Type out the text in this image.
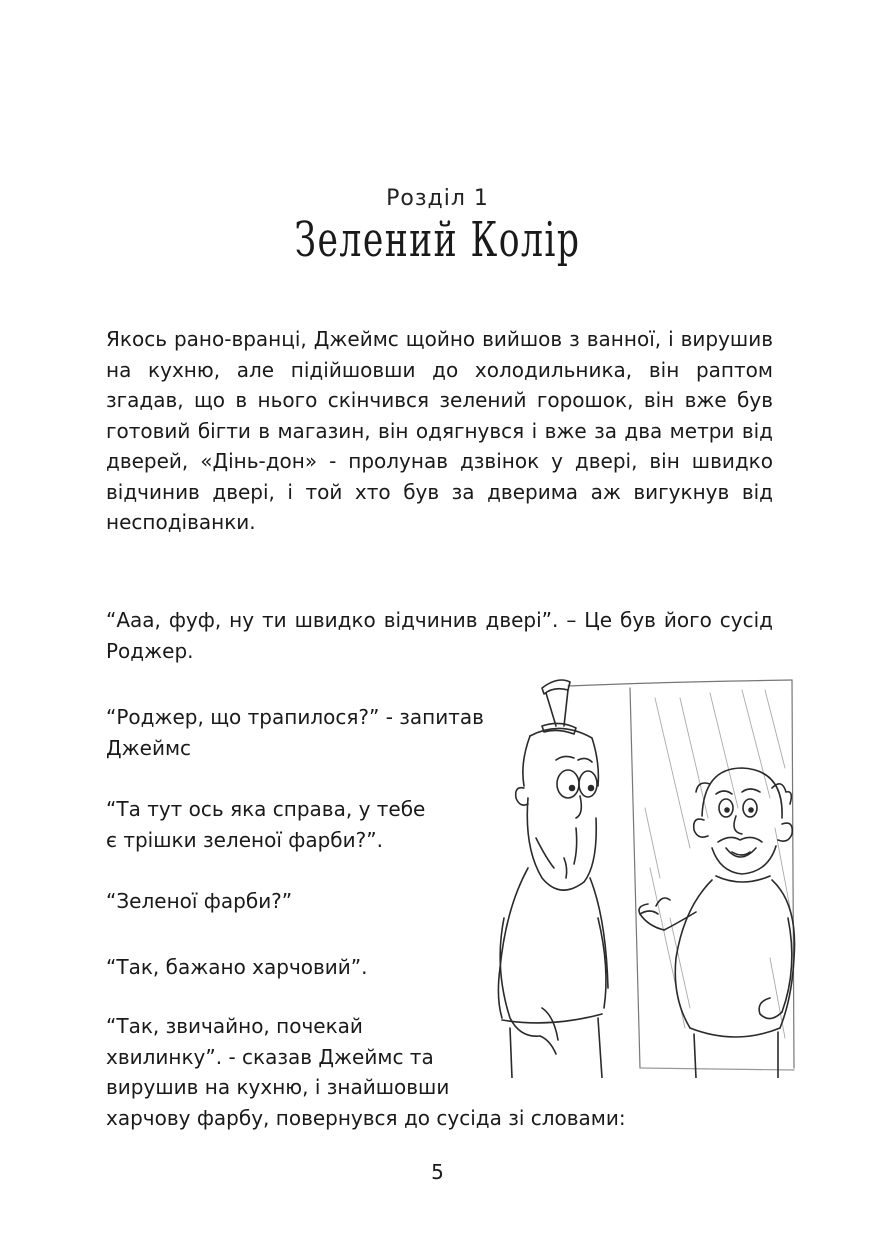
Розділ 1
Зелений Колір

Якось рано-вранці, Джеймс щойно вийшов з ванної, і вирушив на кухню, але підійшовши до холодильника, він раптом згадав, що в нього скінчився зелений горошок, він вже був готовий бігти в магазин, він одягнувся і вже за два метри від дверей, «Дінь-дон» - пролунав дзвінок у двері, він швидко відчинив двері, і той хто був за дверима аж вигукнув від несподіванки.

“Ааа, фуф, ну ти швидко відчинив двері”. – Це був його сусід Роджер.

“Роджер, що трапилося?” - запитав
Джеймс
“Та тут ось яка справа, у тебе
є трішки зеленої фарби?”.
“Зеленої фарби?”
“Так, бажано харчовий”.
“Так, звичайно, почекай
хвилинку”. - сказав Джеймс та
вирушив на кухню, і знайшовши
харчову фарбу, повернувся до сусіда зі словами:
5
